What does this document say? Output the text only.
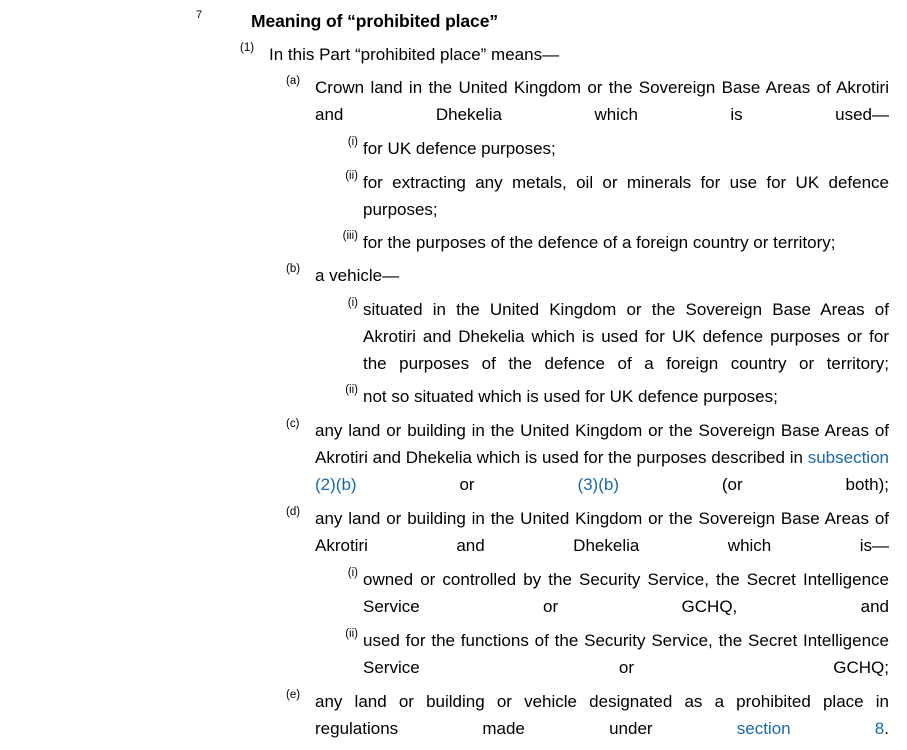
7	Meaning of “prohibited place”
(1) In this Part “prohibited place” means—
(a) Crown land in the United Kingdom or the Sovereign Base Areas of Akrotiri and Dhekelia which is used—
(i) for UK defence purposes;
(ii) for extracting any metals, oil or minerals for use for UK defence purposes;
(iii) for the purposes of the defence of a foreign country or territory;
(b) a vehicle—
(i) situated in the United Kingdom or the Sovereign Base Areas of Akrotiri and Dhekelia which is used for UK defence purposes or for the purposes of the defence of a foreign country or territory;
(ii) not so situated which is used for UK defence purposes;
(c) any land or building in the United Kingdom or the Sovereign Base Areas of Akrotiri and Dhekelia which is used for the purposes described in subsection (2)(b) or (3)(b) (or both);
(d) any land or building in the United Kingdom or the Sovereign Base Areas of Akrotiri and Dhekelia which is—
(i) owned or controlled by the Security Service, the Secret Intelligence Service or GCHQ, and
(ii) used for the functions of the Security Service, the Secret Intelligence Service or GCHQ;
(e) any land or building or vehicle designated as a prohibited place in regulations made under section 8.
